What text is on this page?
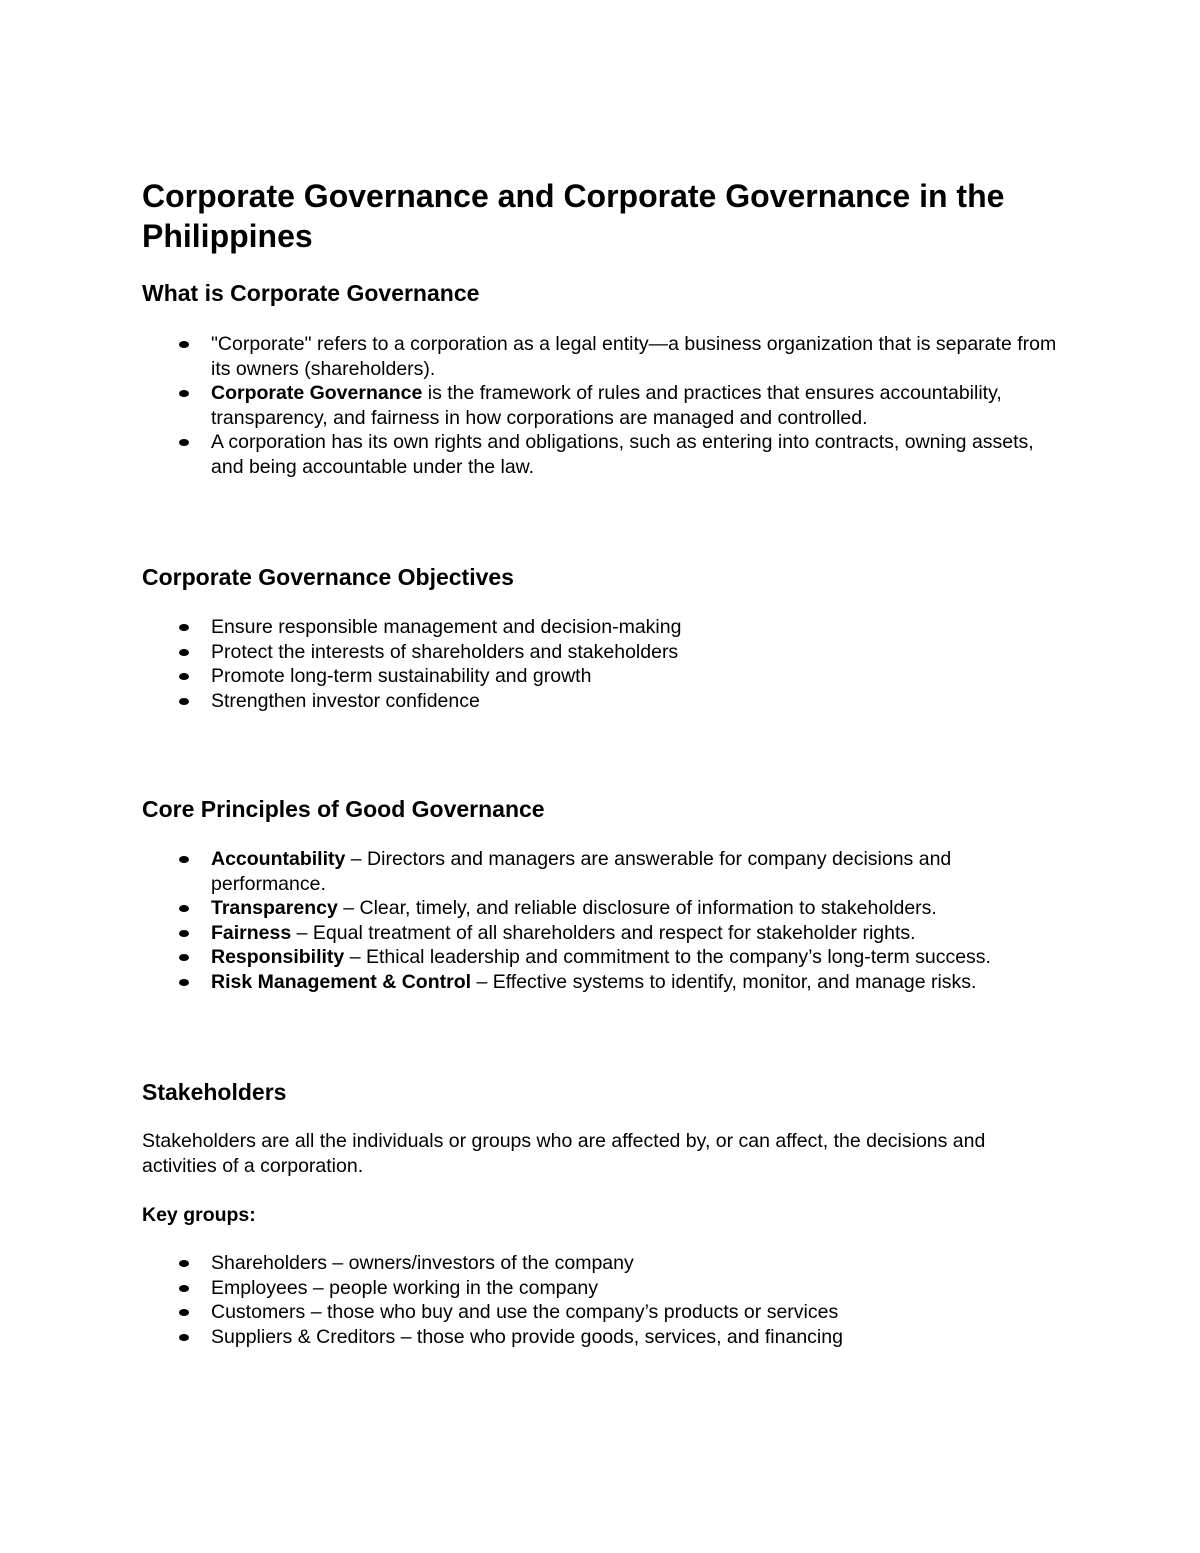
Corporate Governance and Corporate Governance in the Philippines
What is Corporate Governance
"Corporate" refers to a corporation as a legal entity—a business organization that is separate from its owners (shareholders).
Corporate Governance is the framework of rules and practices that ensures accountability, transparency, and fairness in how corporations are managed and controlled.
A corporation has its own rights and obligations, such as entering into contracts, owning assets, and being accountable under the law.
Corporate Governance Objectives
Ensure responsible management and decision-making
Protect the interests of shareholders and stakeholders
Promote long-term sustainability and growth
Strengthen investor confidence
Core Principles of Good Governance
Accountability – Directors and managers are answerable for company decisions and performance.
Transparency – Clear, timely, and reliable disclosure of information to stakeholders.
Fairness – Equal treatment of all shareholders and respect for stakeholder rights.
Responsibility – Ethical leadership and commitment to the company’s long-term success.
Risk Management & Control – Effective systems to identify, monitor, and manage risks.
Stakeholders

Stakeholders are all the individuals or groups who are affected by, or can affect, the decisions and activities of a corporation.

Key groups:

Shareholders – owners/investors of the company
Employees – people working in the company
Customers – those who buy and use the company’s products or services
Suppliers & Creditors – those who provide goods, services, and financing
